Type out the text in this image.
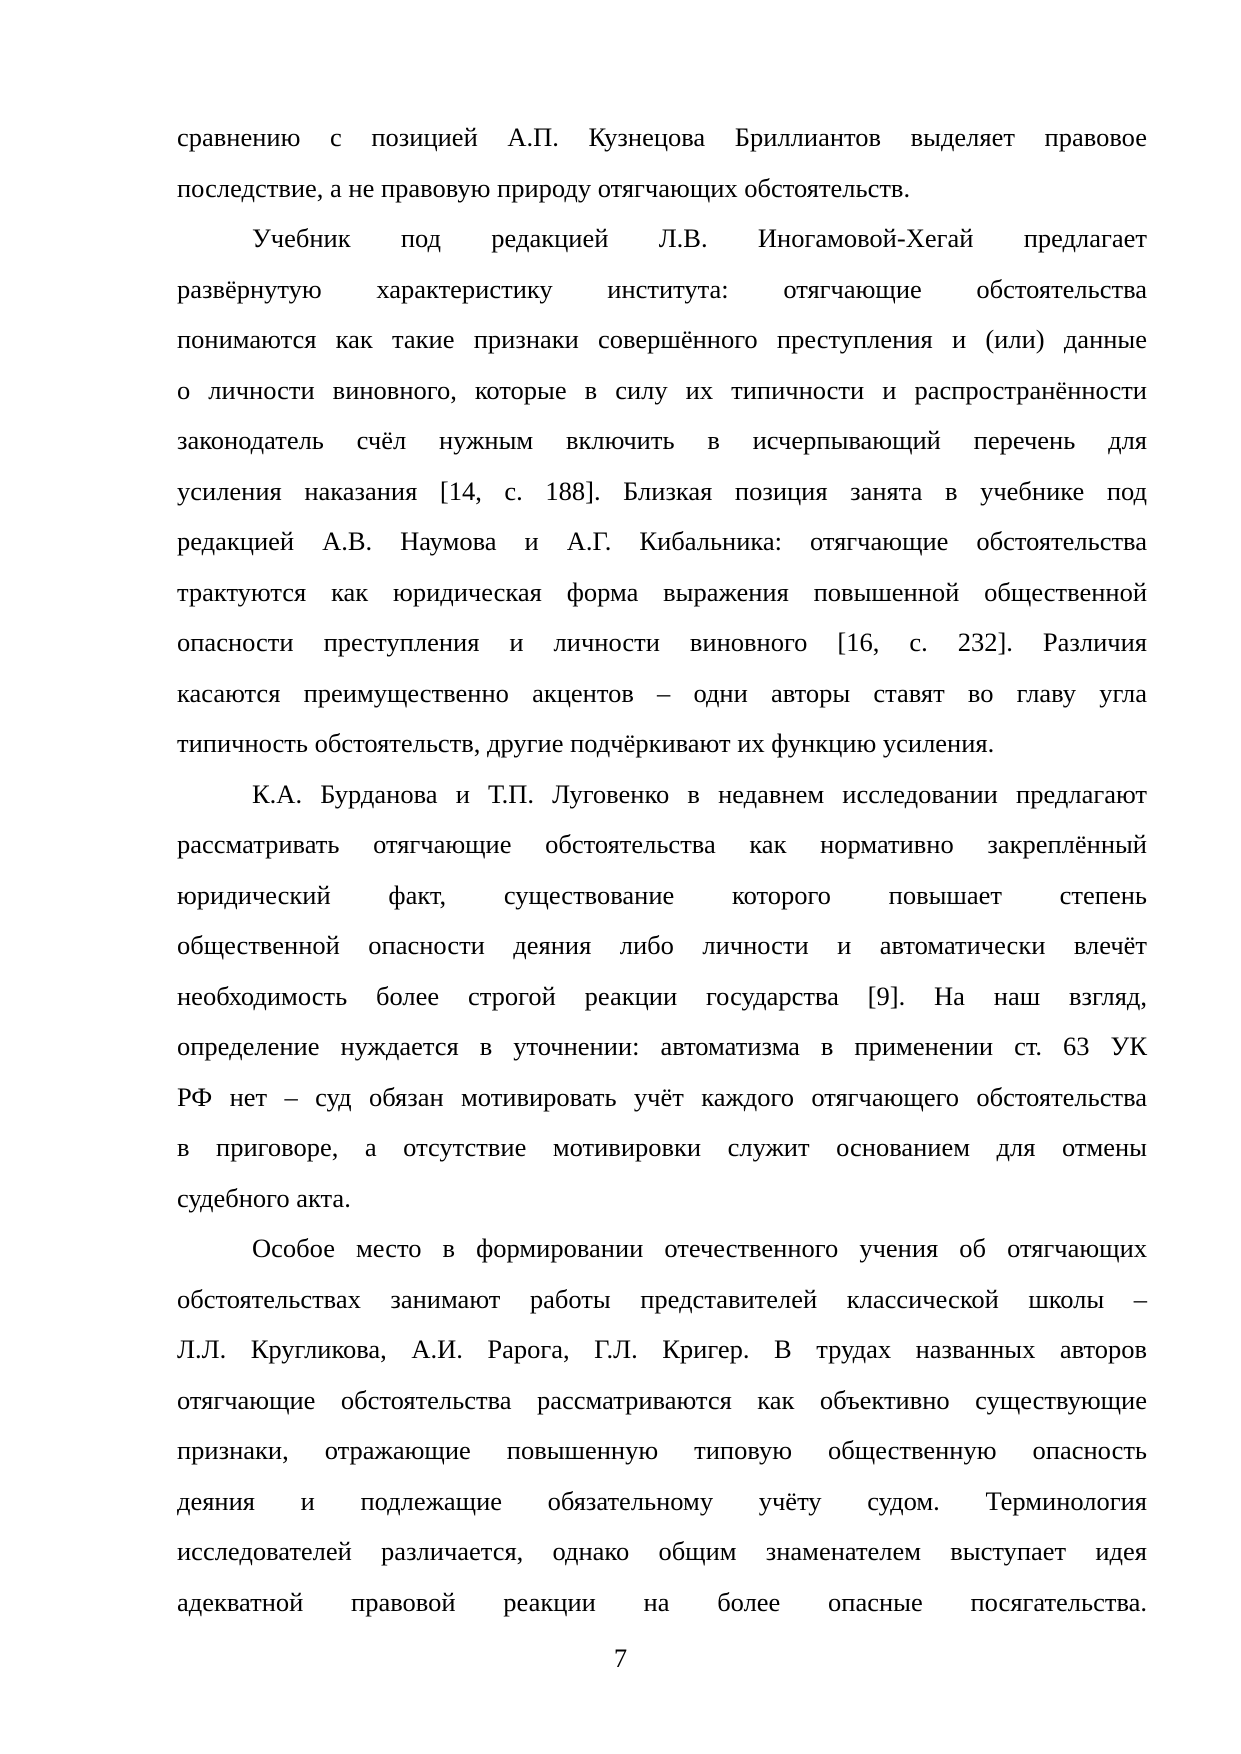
сравнению с позицией А.П. Кузнецова Бриллиантов выделяет правовое
последствие, а не правовую природу отягчающих обстоятельств.

Учебник под редакцией Л.В. Иногамовой-Хегай предлагает
развёрнутую характеристику института: отягчающие обстоятельства
понимаются как такие признаки совершённого преступления и (или) данные
о личности виновного, которые в силу их типичности и распространённости
законодатель счёл нужным включить в исчерпывающий перечень для
усиления наказания [14, с. 188]. Близкая позиция занята в учебнике под
редакцией А.В. Наумова и А.Г. Кибальника: отягчающие обстоятельства
трактуются как юридическая форма выражения повышенной общественной
опасности преступления и личности виновного [16, с. 232]. Различия
касаются преимущественно акцентов – одни авторы ставят во главу угла
типичность обстоятельств, другие подчёркивают их функцию усиления.

К.А. Бурданова и Т.П. Луговенко в недавнем исследовании предлагают
рассматривать отягчающие обстоятельства как нормативно закреплённый
юридический факт, существование которого повышает степень
общественной опасности деяния либо личности и автоматически влечёт
необходимость более строгой реакции государства [9]. На наш взгляд,
определение нуждается в уточнении: автоматизма в применении ст. 63 УК
РФ нет – суд обязан мотивировать учёт каждого отягчающего обстоятельства
в приговоре, а отсутствие мотивировки служит основанием для отмены
судебного акта.

Особое место в формировании отечественного учения об отягчающих
обстоятельствах занимают работы представителей классической школы –
Л.Л. Кругликова, А.И. Рарога, Г.Л. Кригер. В трудах названных авторов
отягчающие обстоятельства рассматриваются как объективно существующие
признаки, отражающие повышенную типовую общественную опасность
деяния и подлежащие обязательному учёту судом. Терминология
исследователей различается, однако общим знаменателем выступает идея
адекватной правовой реакции на более опасные посягательства.

7
